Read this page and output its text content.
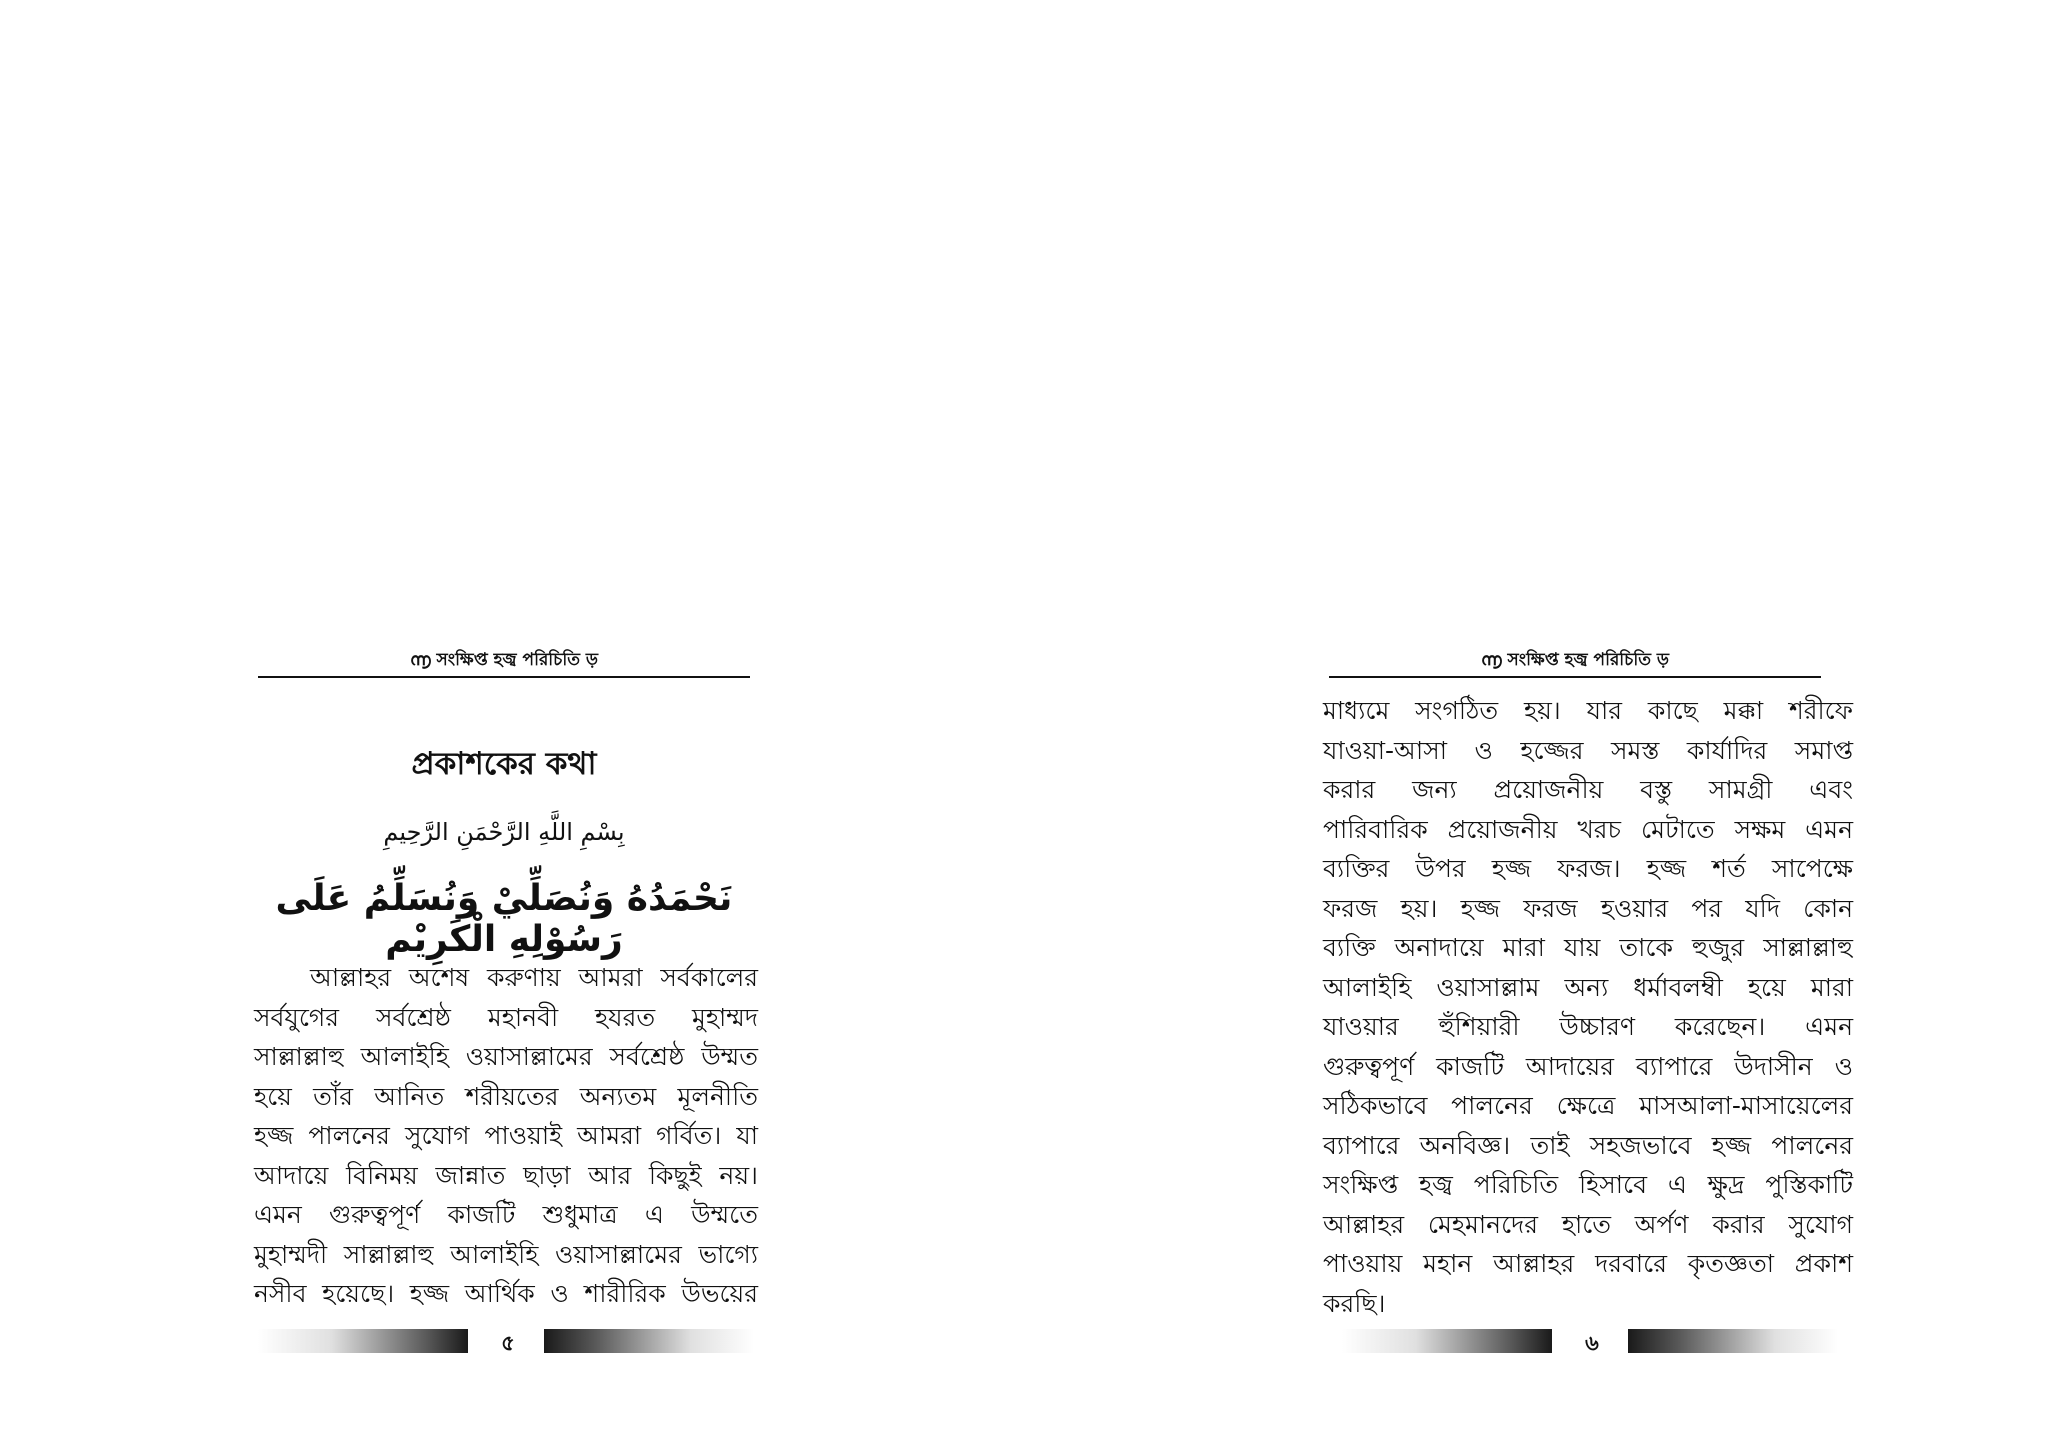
൬ সংক্ষিপ্ত হজ্ব পরিচিতি ড়
প্রকাশকের কথা
بِسْمِ اللَّهِ الرَّحْمَنِ الرَّحِيمِ
نَحْمَدُهُ وَنُصَلِّيْ وَنُسَلِّمُ عَلَى رَسُوْلِهِ الْكَرِيْم
আল্লাহর অশেষ করুণায় আমরা সর্বকালের
সর্বযুগের সর্বশ্রেষ্ঠ মহানবী হযরত মুহাম্মদ
সাল্লাল্লাহু আলাইহি ওয়াসাল্লামের সর্বশ্রেষ্ঠ উম্মত
হয়ে তাঁর আনিত শরীয়তের অন্যতম মূলনীতি
হজ্জ পালনের সুযোগ পাওয়াই আমরা গর্বিত। যা
আদায়ে বিনিময় জান্নাত ছাড়া আর কিছুই নয়।
এমন গুরুত্বপূর্ণ কাজটি শুধুমাত্র এ উম্মতে
মুহাম্মদী সাল্লাল্লাহু আলাইহি ওয়াসাল্লামের ভাগ্যে
নসীব হয়েছে। হজ্জ আর্থিক ও শারীরিক উভয়ের
৫
൬ সংক্ষিপ্ত হজ্ব পরিচিতি ড়
মাধ্যমে সংগঠিত হয়। যার কাছে মক্কা শরীফে
যাওয়া-আসা ও হজ্জের সমস্ত কার্যাদির সমাপ্ত
করার জন্য প্রয়োজনীয় বস্তু সামগ্রী এবং
পারিবারিক প্রয়োজনীয় খরচ মেটাতে সক্ষম এমন
ব্যক্তির উপর হজ্জ ফরজ। হজ্জ শর্ত সাপেক্ষে
ফরজ হয়। হজ্জ ফরজ হওয়ার পর যদি কোন
ব্যক্তি অনাদায়ে মারা যায় তাকে হুজুর সাল্লাল্লাহু
আলাইহি ওয়াসাল্লাম অন্য ধর্মাবলম্বী হয়ে মারা
যাওয়ার হুঁশিয়ারী উচ্চারণ করেছেন। এমন
গুরুত্বপূর্ণ কাজটি আদায়ের ব্যাপারে উদাসীন ও
সঠিকভাবে পালনের ক্ষেত্রে মাসআলা-মাসায়েলের
ব্যাপারে অনবিজ্ঞ। তাই সহজভাবে হজ্জ পালনের
সংক্ষিপ্ত হজ্ব পরিচিতি হিসাবে এ ক্ষুদ্র পুস্তিকাটি
আল্লাহর মেহমানদের হাতে অর্পণ করার সুযোগ
পাওয়ায় মহান আল্লাহর দরবারে কৃতজ্ঞতা প্রকাশ
করছি।
৬
